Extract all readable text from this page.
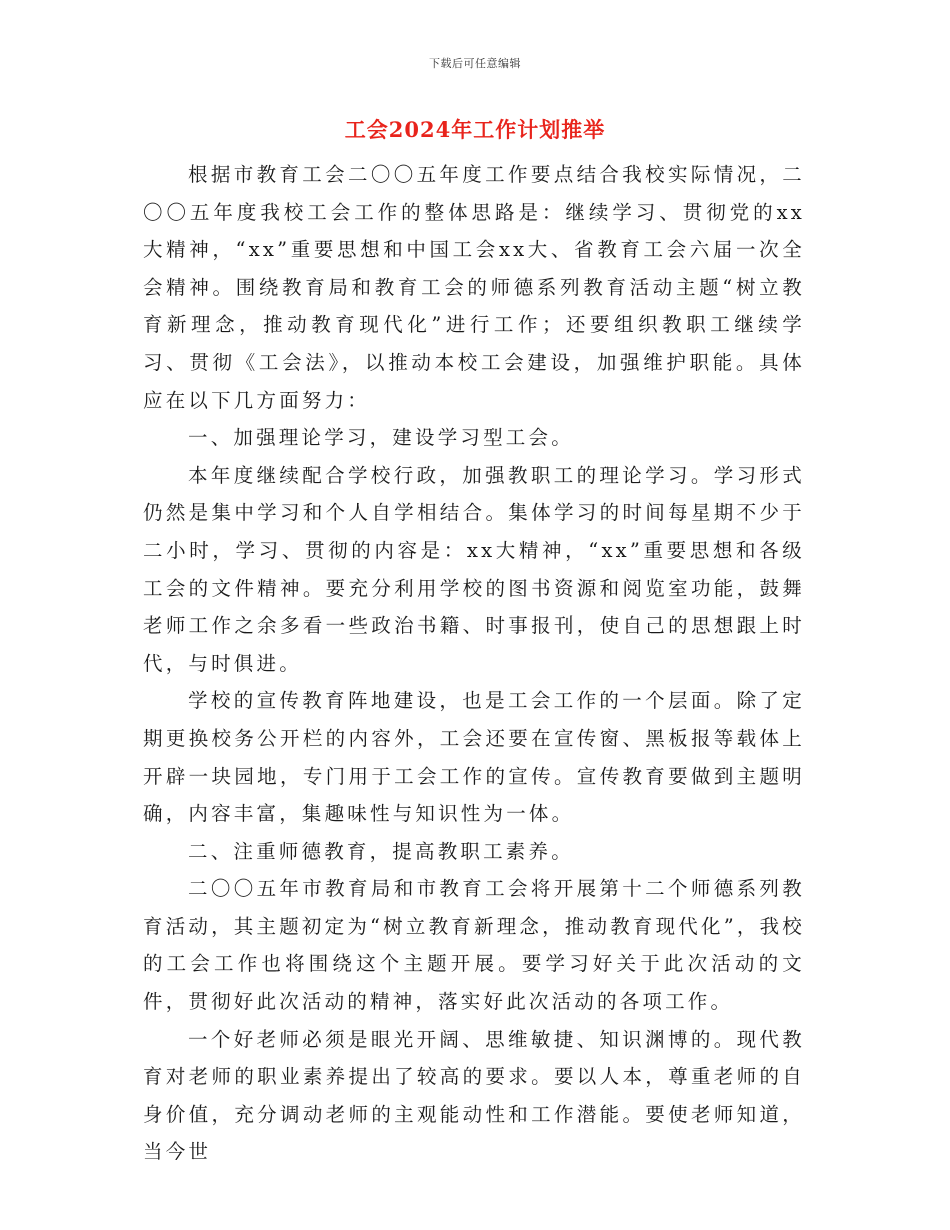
下载后可任意编辑
工会2024年工作计划推举

根据市教育工会二〇〇五年度工作要点结合我校实际情况，二〇〇五年度我校工会工作的整体思路是：继续学习、贯彻党的xx大精神，“xx”重要思想和中国工会xx大、省教育工会六届一次全会精神。围绕教育局和教育工会的师德系列教育活动主题“树立教育新理念，推动教育现代化”进行工作；还要组织教职工继续学习、贯彻《工会法》，以推动本校工会建设，加强维护职能。具体应在以下几方面努力：

一、加强理论学习，建设学习型工会。

本年度继续配合学校行政，加强教职工的理论学习。学习形式仍然是集中学习和个人自学相结合。集体学习的时间每星期不少于二小时，学习、贯彻的内容是：xx大精神，“xx”重要思想和各级工会的文件精神。要充分利用学校的图书资源和阅览室功能，鼓舞老师工作之余多看一些政治书籍、时事报刊，使自己的思想跟上时代，与时俱进。

学校的宣传教育阵地建设，也是工会工作的一个层面。除了定期更换校务公开栏的内容外，工会还要在宣传窗、黑板报等载体上开辟一块园地，专门用于工会工作的宣传。宣传教育要做到主题明确，内容丰富，集趣味性与知识性为一体。

二、注重师德教育，提高教职工素养。

二〇〇五年市教育局和市教育工会将开展第十二个师德系列教育活动，其主题初定为“树立教育新理念，推动教育现代化”，我校的工会工作也将围绕这个主题开展。要学习好关于此次活动的文件，贯彻好此次活动的精神，落实好此次活动的各项工作。

一个好老师必须是眼光开阔、思维敏捷、知识渊博的。现代教育对老师的职业素养提出了较高的要求。要以人本，尊重老师的自身价值，充分调动老师的主观能动性和工作潜能。要使老师知道，当今世
